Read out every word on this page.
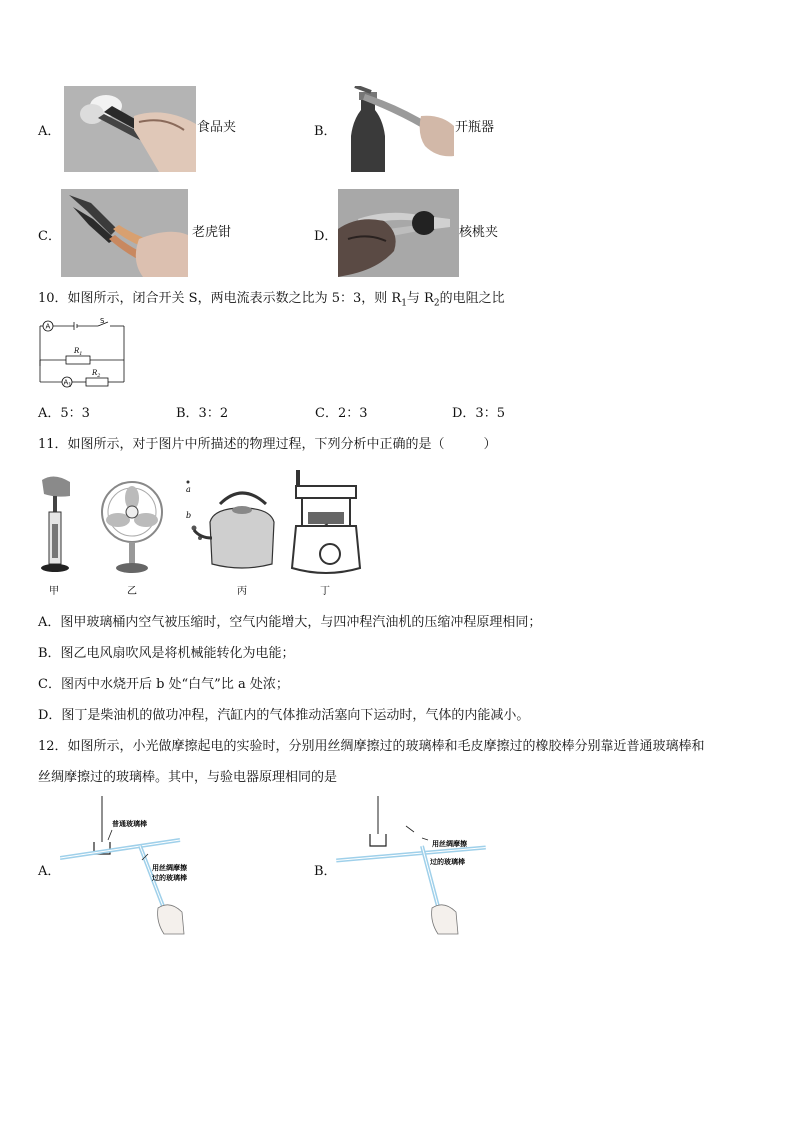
A．	食品夹	B．	开瓶器
C．	老虎钳	D．	核桃夹
10．如图所示，闭合开关 S，两电流表示数之比为 5：3，则 $R_1$与 $R_2$的电阻之比
A
S
$R_1$
$A_1$
$R_2$
A．5：3	B．3：2	C．2：3	D．3：5
11．如图所示，对于图片中所描述的物理过程，下列分析中正确的是（　　　）
a
b
甲	乙	丙	丁
A．图甲玻璃桶内空气被压缩时，空气内能增大，与四冲程汽油机的压缩冲程原理相同；
B．图乙电风扇吹风是将机械能转化为电能；
C．图丙中水烧开后 b 处“白气”比 a 处浓；
D．图丁是柴油机的做功冲程，汽缸内的气体推动活塞向下运动时，气体的内能减小。
12．如图所示，小光做摩擦起电的实验时，分别用丝绸摩擦过的玻璃棒和毛皮摩擦过的橡胶棒分别靠近普通玻璃棒和
丝绸摩擦过的玻璃棒。其中，与验电器原理相同的是
A．
普通玻璃棒
用丝绸摩擦
过的玻璃棒	B．
用丝绸摩擦
过的玻璃棒
